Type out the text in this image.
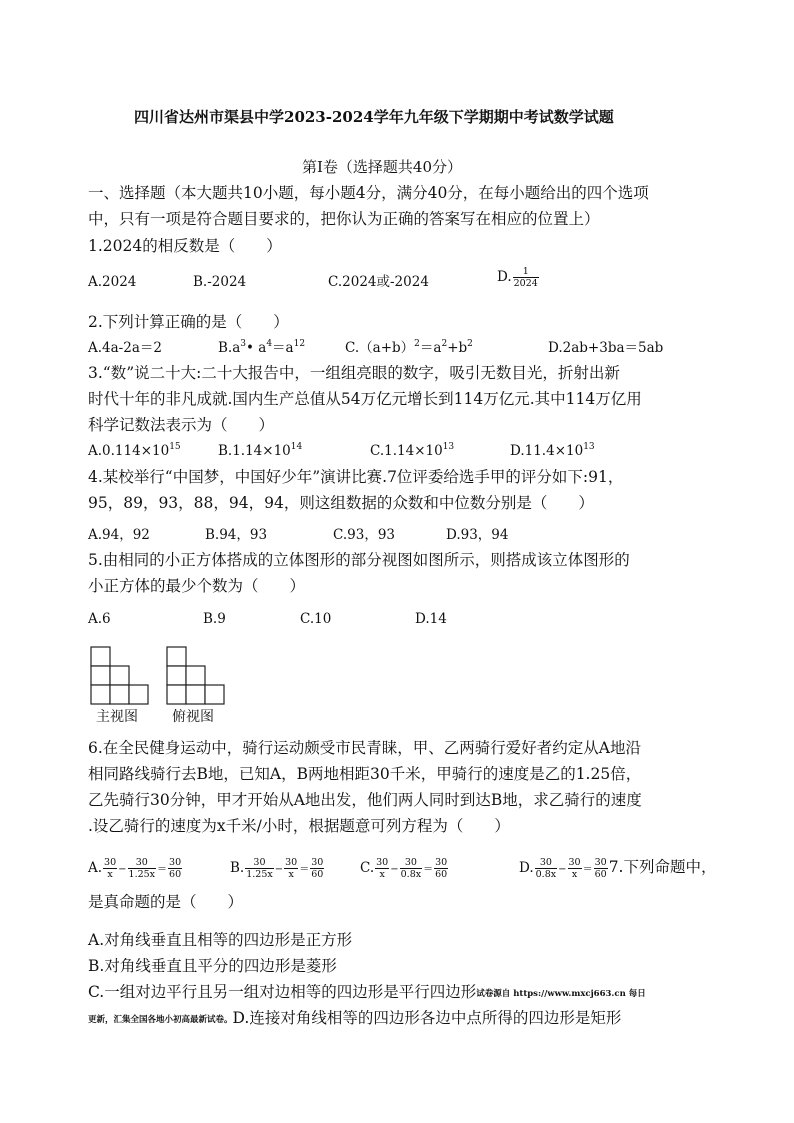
四川省达州市渠县中学2023-2024学年九年级下学期期中考试数学试题
第I卷（选择题共40分）
一、选择题（本大题共10小题，每小题4分，满分40分，在每小题给出的四个选项
中，只有一项是符合题目要求的，把你认为正确的答案写在相应的位置上）
1.2024的相反数是（　　）
A.2024	B.-2024	C.2024或-2024	D. $\frac{1}{2024}$
2.下列计算正确的是（　　）
A.4a-2a＝2	$B.a^3•$ $a^4=a^{12}$	$C.(a+b)^2=a^2+b^2$	D.2ab+3ba＝5ab
3.“数”说二十大:二十大报告中，一组组亮眼的数字，吸引无数目光，折射出新
时代十年的非凡成就.国内生产总值从54万亿元增长到114万亿元.其中114万亿用
科学记数法表示为（　　）
$A.0.114\times 10^{15}$	$B.1.14\times 10^{14}$	$C.1.14\times 10^{13}$	$D.11.4\times 10^{13}$
4.某校举行“中国梦，中国好少年”演讲比赛.7位评委给选手甲的评分如下:91，
95，89，93，88，94，94，则这组数据的众数和中位数分别是（　　）
A.94，92	B.94，93	C.93，93	D.93，94
5.由相同的小正方体搭成的立体图形的部分视图如图所示，则搭成该立体图形的
小正方体的最少个数为（　　）
A.6	B.9	C.10	D.14
主视图 俯视图
6.在全民健身运动中，骑行运动颇受市民青睐，甲、乙两骑行爱好者约定从A地沿
相同路线骑行去B地，已知A，B两地相距30千米，甲骑行的速度是乙的1.25倍，
乙先骑行30分钟，甲才开始从A地出发，他们两人同时到达B地，求乙骑行的速度
.设乙骑行的速度为x千米/小时，根据题意可列方程为（　　）
A. $\frac{30}{x} - \frac{30}{1.25x} = \frac{30}{60}$	B. $\frac{30}{1.25x} - \frac{30}{x} = \frac{30}{60}$	C. $\frac{30}{x} - \frac{30}{0.8x} = \frac{30}{60}$	D. $\frac{30}{0.8x} - \frac{30}{x} = \frac{30}{60} 7$.下列命题中，
是真命题的是（　　）
A.对角线垂直且相等的四边形是正方形
B.对角线垂直且平分的四边形是菱形
C.一组对边平行且另一组对边相等的四边形是平行四边形试卷源自 https://www.mxcj663.cn 每日
更新，汇集全国各地小初高最新试卷。D.连接对角线相等的四边形各边中点所得的四边形是矩形
